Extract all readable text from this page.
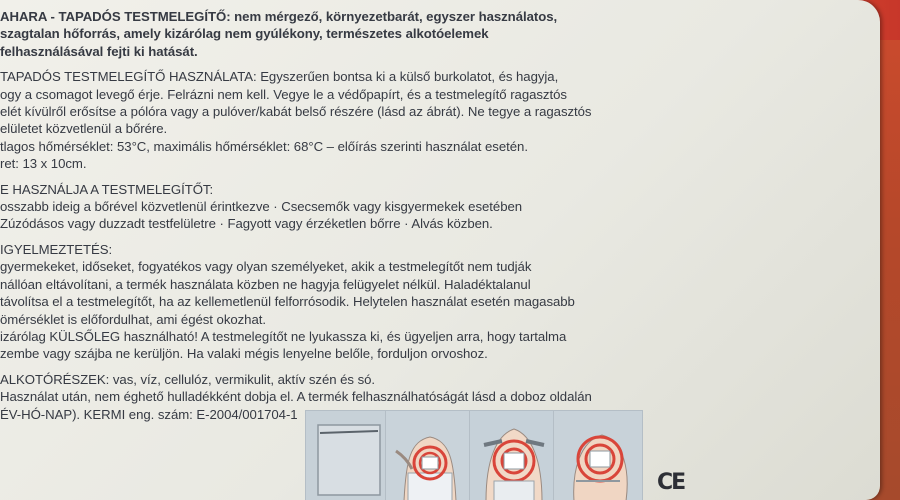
AHARA - TAPADÓS TESTMELEGÍTŐ: nem mérgező, környezetbarát, egyszer használatos,

szagtalan hőforrás, amely kizárólag nem gyúlékony, természetes alkotóelemek

felhasználásával fejti ki hatását.

TAPADÓS TESTMELEGÍTŐ HASZNÁLATA: Egyszerűen bontsa ki a külső burkolatot, és hagyja,

ogy a csomagot levegő érje. Felrázni nem kell. Vegye le a védőpapírt, és a testmelegítő ragasztós

elét kívülről erősítse a pólóra vagy a pulóver/kabát belső részére (lásd az ábrát). Ne tegye a ragasztós

elületet közvetlenül a bőrére.

tlagos hőmérséklet: 53°C, maximális hőmérséklet: 68°C – előírás szerinti használat esetén.

ret: 13 x 10cm.

E HASZNÁLJA A TESTMELEGÍTŐT:

osszabb ideig a bőrével közvetlenül érintkezve · Csecsemők vagy kisgyermekek esetében

Zúzódásos vagy duzzadt testfelületre · Fagyott vagy érzéketlen bőrre · Alvás közben.

IGYELMEZTETÉS:

gyermekeket, időseket, fogyatékos vagy olyan személyeket, akik a testmelegítőt nem tudják

nállóan eltávolítani, a termék használata közben ne hagyja felügyelet nélkül. Haladéktalanul

távolítsa el a testmelegítőt, ha az kellemetlenül felforrósodik. Helytelen használat esetén magasabb

ömérséklet is előfordulhat, ami égést okozhat.

izárólag KÜLSŐLEG használható! A testmelegítőt ne lyukassza ki, és ügyeljen arra, hogy tartalma

zembe vagy szájba ne kerüljön. Ha valaki mégis lenyelne belőle, forduljon orvoshoz.

ALKOTÓRÉSZEK: vas, víz, cellulóz, vermikulit, aktív szén és só.

Használat után, nem éghető hulladékként dobja el. A termék felhasználhatóságát lásd a doboz oldalán

ÉV-HÓ-NAP). KERMI eng. szám: E-2004/001704-1

CE
